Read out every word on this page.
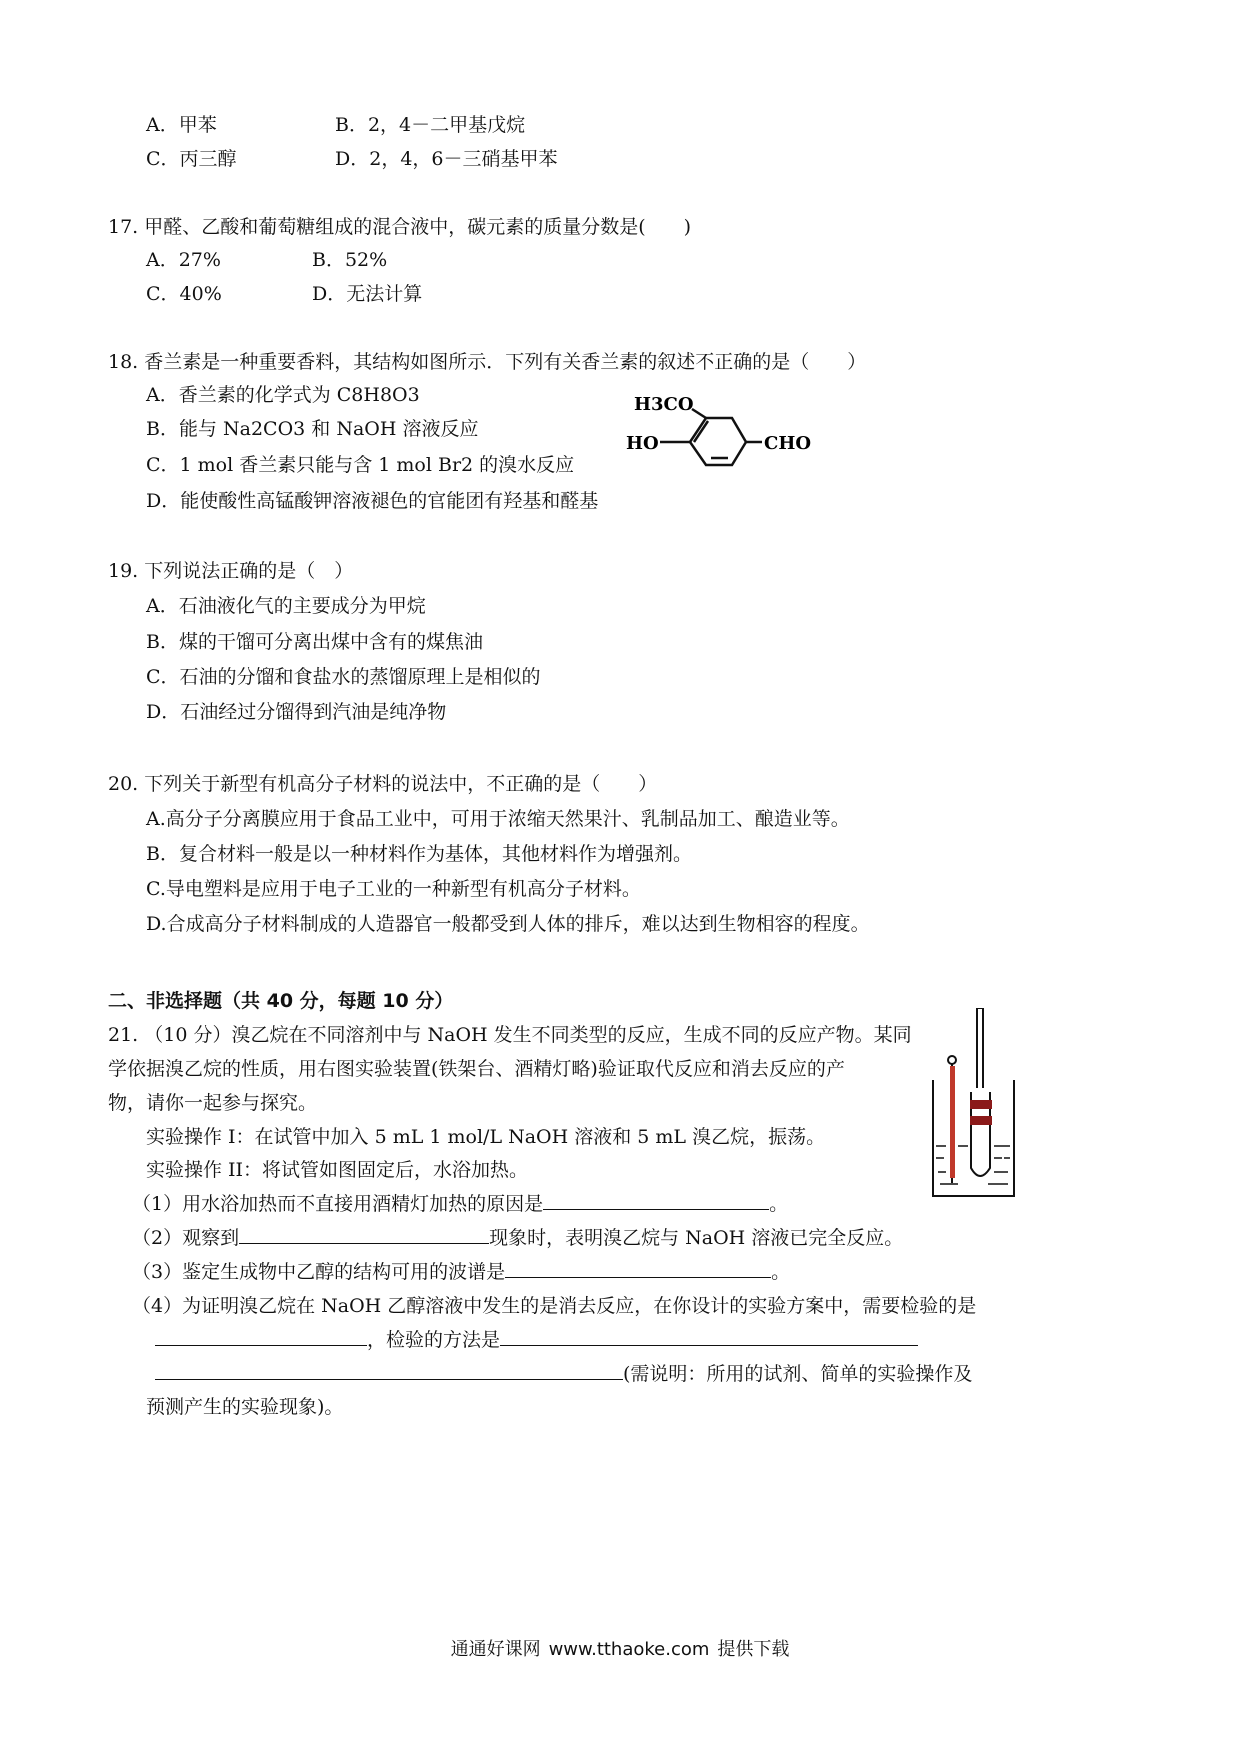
A．甲苯	B．2，4－二甲基戊烷
C．丙三醇	D．2，4，6－三硝基甲苯
17. 甲醛、乙酸和葡萄糖组成的混合液中，碳元素的质量分数是(　　)
A．27%	B．52%
C．40%	D．无法计算
18. 香兰素是一种重要香料，其结构如图所示．下列有关香兰素的叙述不正确的是（　　）
A．香兰素的化学式为 C8H8O3
B．能与 Na2CO3 和 NaOH 溶液反应
C．1 mol 香兰素只能与含 1 mol Br2 的溴水反应
D．能使酸性高锰酸钾溶液褪色的官能团有羟基和醛基
H3CO
HO	CHO
19. 下列说法正确的是（　）
A．石油液化气的主要成分为甲烷
B．煤的干馏可分离出煤中含有的煤焦油
C．石油的分馏和食盐水的蒸馏原理上是相似的
D．石油经过分馏得到汽油是纯净物
20. 下列关于新型有机高分子材料的说法中，不正确的是（　　）
A.高分子分离膜应用于食品工业中，可用于浓缩天然果汁、乳制品加工、酿造业等。
B．复合材料一般是以一种材料作为基体，其他材料作为增强剂。
C.导电塑料是应用于电子工业的一种新型有机高分子材料。
D.合成高分子材料制成的人造器官一般都受到人体的排斥，难以达到生物相容的程度。
二、非选择题（共 40 分，每题 10 分）
21. （10 分）溴乙烷在不同溶剂中与 NaOH 发生不同类型的反应，生成不同的反应产物。某同
学依据溴乙烷的性质，用右图实验装置(铁架台、酒精灯略)验证取代反应和消去反应的产
物，请你一起参与探究。
实验操作 I：在试管中加入 5 mL 1 mol/L NaOH 溶液和 5 mL 溴乙烷，振荡。
实验操作 II：将试管如图固定后，水浴加热。
（1）用水浴加热而不直接用酒精灯加热的原因是	。
（2）观察到	现象时，表明溴乙烷与 NaOH 溶液已完全反应。
（3）鉴定生成物中乙醇的结构可用的波谱是	。
（4）为证明溴乙烷在 NaOH 乙醇溶液中发生的是消去反应，在你设计的实验方案中，需要检验的是
，检验的方法是
(需说明：所用的试剂、简单的实验操作及
预测产生的实验现象)。
通通好课网 www.tthaoke.com 提供下载
